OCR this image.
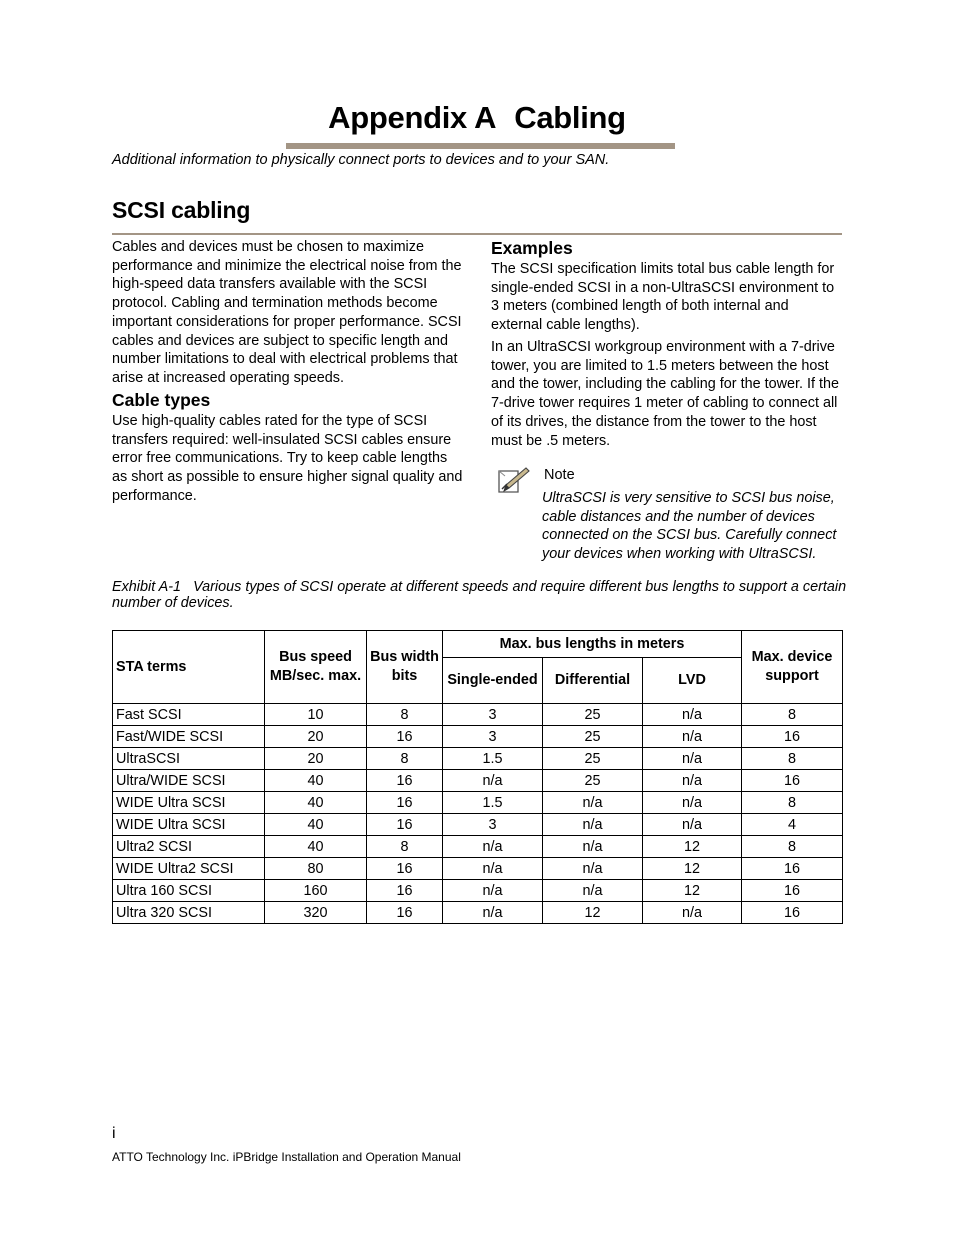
Appendix A Cabling

Additional information to physically connect ports to devices and to your SAN.

SCSI cabling

Cables and devices must be chosen to maximize performance and minimize the electrical noise from the high-speed data transfers available with the SCSI protocol. Cabling and termination methods become important considerations for proper performance. SCSI cables and devices are subject to specific length and number limitations to deal with electrical problems that arise at increased operating speeds.

Cable types

Use high-quality cables rated for the type of SCSI transfers required: well-insulated SCSI cables ensure error free communications. Try to keep cable lengths as short as possible to ensure higher signal quality and performance.

Examples

The SCSI specification limits total bus cable length for single-ended SCSI in a non-UltraSCSI environment to 3 meters (combined length of both internal and external cable lengths).

In an UltraSCSI workgroup environment with a 7-drive tower, you are limited to 1.5 meters between the host and the tower, including the cabling for the tower. If the 7-drive tower requires 1 meter of cabling to connect all of its drives, the distance from the tower to the host must be .5 meters.

Note

UltraSCSI is very sensitive to SCSI bus noise, cable distances and the number of devices connected on the SCSI bus. Carefully connect your devices when working with UltraSCSI.

Exhibit A-1 Various types of SCSI operate at different speeds and require different bus lengths to support a certain number of devices.

STA terms	Bus speed MB/sec. max.	Bus width bits	Max. bus lengths in meters			Max. device support
			Single-ended	Differential	LVD	
Fast SCSI	10	8	3	25	n/a	8
Fast/WIDE SCSI	20	16	3	25	n/a	16
UltraSCSI	20	8	1.5	25	n/a	8
Ultra/WIDE SCSI	40	16	n/a	25	n/a	16
WIDE Ultra SCSI	40	16	1.5	n/a	n/a	8
WIDE Ultra SCSI	40	16	3	n/a	n/a	4
Ultra2 SCSI	40	8	n/a	n/a	12	8
WIDE Ultra2 SCSI	80	16	n/a	n/a	12	16
Ultra 160 SCSI	160	16	n/a	n/a	12	16
Ultra 320 SCSI	320	16	n/a	12	n/a	16

i

ATTO Technology Inc. iPBridge Installation and Operation Manual
